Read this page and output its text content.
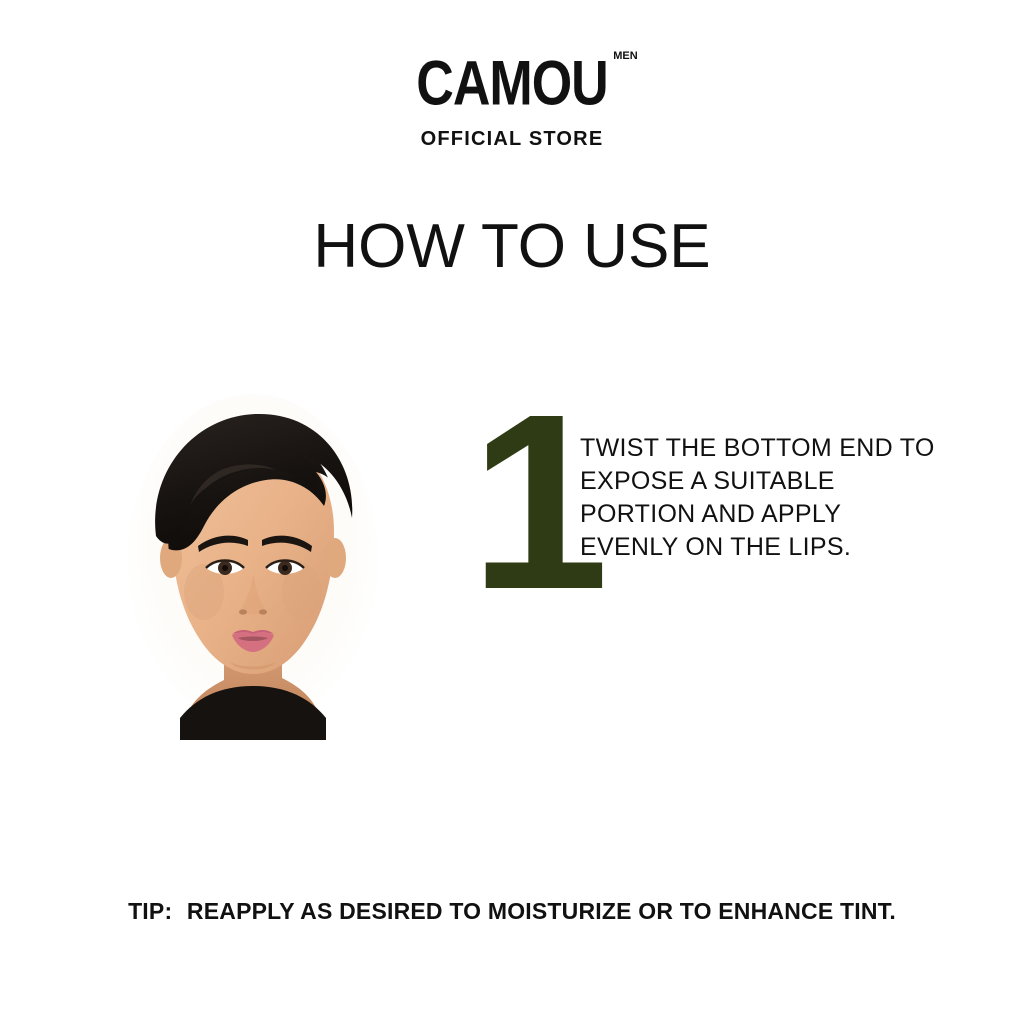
CAMOU MEN
OFFICIAL STORE
HOW TO USE
1
TWIST THE BOTTOM END TO EXPOSE A SUITABLE PORTION AND APPLY EVENLY ON THE LIPS.
TIP: REAPPLY AS DESIRED TO MOISTURIZE OR TO ENHANCE TINT.
